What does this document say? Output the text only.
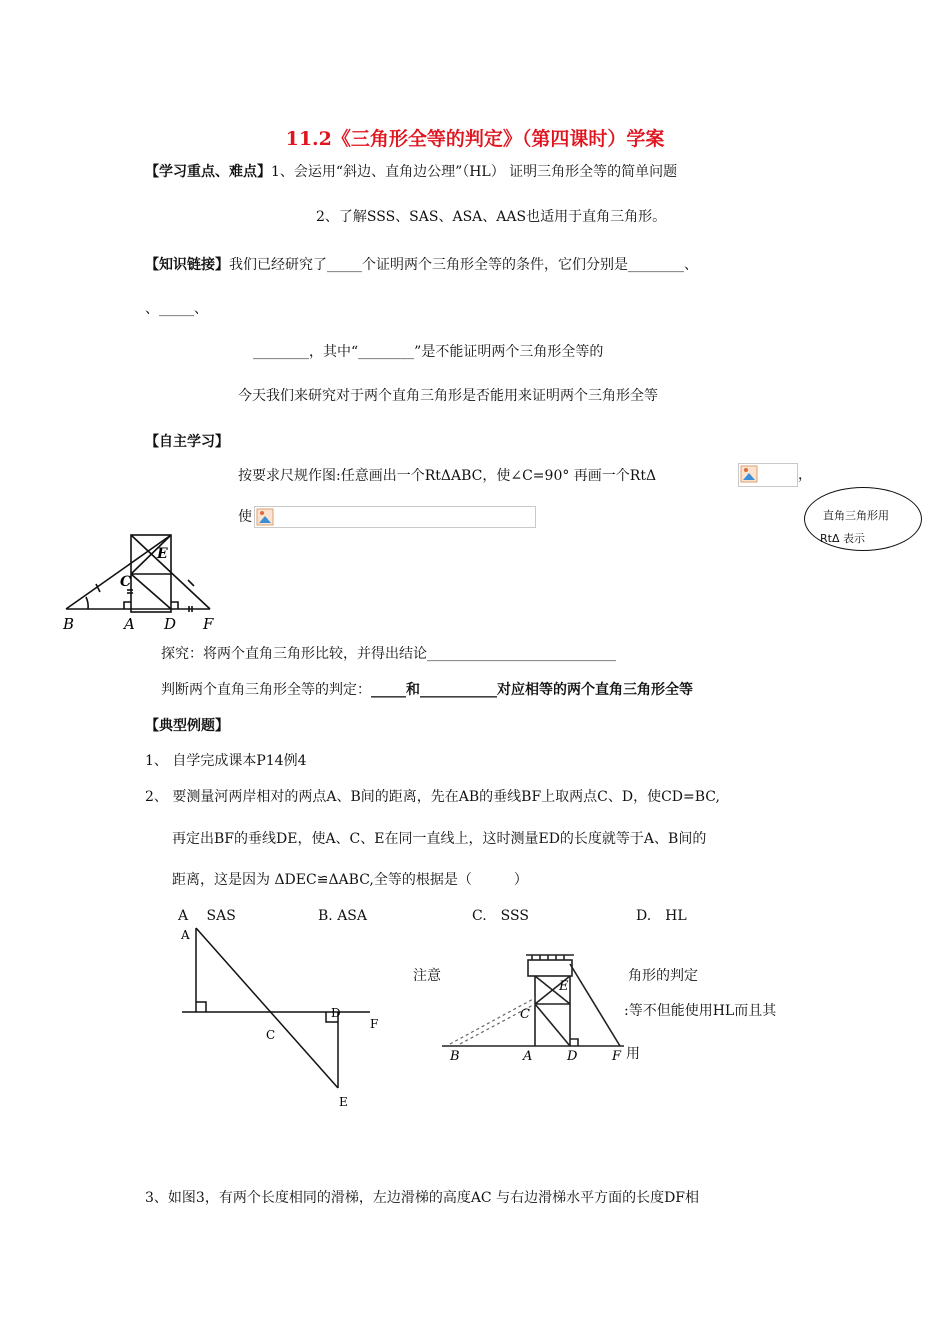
11.2《三角形全等的判定》（第四课时）学案
【学习重点、难点】1、会运用“斜边、直角边公理”（HL） 证明三角形全等的简单问题
2、了解SSS、SAS、ASA、AAS也适用于直角三角形。
【知识链接】我们已经研究了_____个证明两个三角形全等的条件，它们分别是________、
、_____、
________，其中“________”是不能证明两个三角形全等的
今天我们来研究对于两个直角三角形是否能用来证明两个三角形全等
【自主学习】
按要求尺规作图:任意画出一个RtΔABC，使∠C=90° 再画一个RtΔ	，
使	直角三角形用
RtΔ 表示
B	A D F
C
E
探究：将两个直角三角形比较，并得出结论___________________________
判断两个直角三角形全等的判定：_____和___________对应相等的两个直角三角形全等
【典型例题】
1、 自学完成课本P14例4
2、 要测量河两岸相对的两点A、B间的距离，先在AB的垂线BF上取两点C、D，使CD=BC,
再定出BF的垂线DE，使A、C、E在同一直线上，这时测量ED的长度就等于A、B间的
距离，这是因为 ΔDEC≌ΔABC,全等的根据是（　　　）
A　 SAS	B. ASA	C.　SSS	D.　HL
A
C
D
F
E
注意
B	A	D	F
C
E
角形的判定
:等不但能使用HL而且其
用
3、如图3，有两个长度相同的滑梯，左边滑梯的高度AC 与右边滑梯水平方面的长度DF相
